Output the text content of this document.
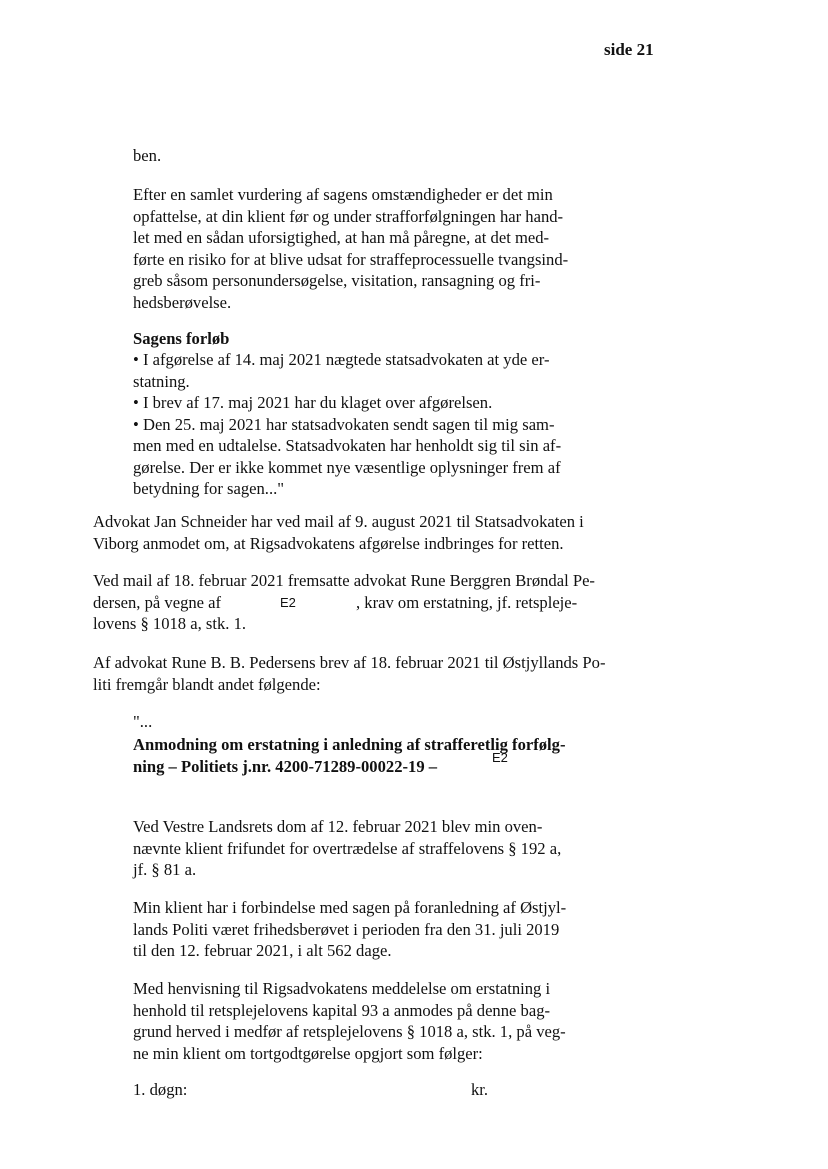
side 21
ben.

Efter en samlet vurdering af sagens omstændigheder er det min

opfattelse, at din klient før og under strafforfølgningen har hand-

let med en sådan uforsigtighed, at han må påregne, at det med-

førte en risiko for at blive udsat for straffeprocessuelle tvangsind-

greb såsom personundersøgelse, visitation, ransagning og fri-

hedsberøvelse.

Sagens forløb

• I afgørelse af 14. maj 2021 nægtede statsadvokaten at yde er-

statning.

• I brev af 17. maj 2021 har du klaget over afgørelsen.

• Den 25. maj 2021 har statsadvokaten sendt sagen til mig sam-

men med en udtalelse. Statsadvokaten har henholdt sig til sin af-

gørelse. Der er ikke kommet nye væsentlige oplysninger frem af

betydning for sagen..."

Advokat Jan Schneider har ved mail af 9. august 2021 til Statsadvokaten i

Viborg anmodet om, at Rigsadvokatens afgørelse indbringes for retten.

Ved mail af 18. februar 2021 fremsatte advokat Rune Berggren Brøndal Pe-

dersen, på vegne af	E2	, krav om erstatning, jf. retspleje-

lovens § 1018 a, stk. 1.

Af advokat Rune B. B. Pedersens brev af 18. februar 2021 til Østjyllands Po-

liti fremgår blandt andet følgende:

"...

Anmodning om erstatning i anledning af strafferetlig forfølg-

ning – Politiets j.nr. 4200-71289-00022-19 –	E2

Ved Vestre Landsrets dom af 12. februar 2021 blev min oven-

nævnte klient frifundet for overtrædelse af straffelovens § 192 a,

jf. § 81 a.

Min klient har i forbindelse med sagen på foranledning af Østjyl-

lands Politi været frihedsberøvet i perioden fra den 31. juli 2019

til den 12. februar 2021, i alt 562 dage.

Med henvisning til Rigsadvokatens meddelelse om erstatning i

henhold til retsplejelovens kapital 93 a anmodes på denne bag-

grund herved i medfør af retsplejelovens § 1018 a, stk. 1, på veg-

ne min klient om tortgodtgørelse opgjort som følger:

1. døgn:	kr.
